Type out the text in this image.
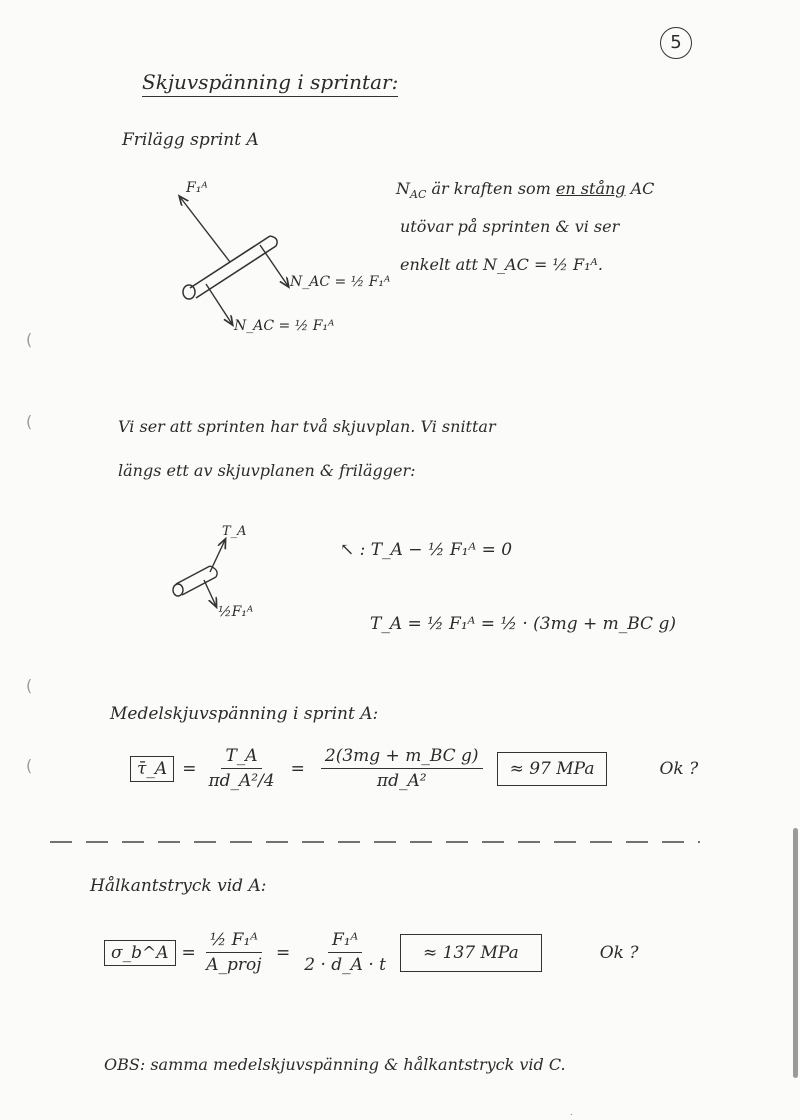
5
Skjuvspänning i sprintar:
Frilägg sprint A
F₁ᴬ
N_AC = ½ F₁ᴬ
N_AC = ½ F₁ᴬ
$N_{AC}$ är kraften som en stång AC
utövar på sprinten & vi ser
enkelt att N_AC = ½ F₁ᴬ.
(
(	Vi ser att sprinten har två skjuvplan. Vi snittar
längs ett av skjuvplanen & frilägger:
T_A
½F₁ᴬ
↖ : T_A − ½ F₁ᴬ = 0
T_A = ½ F₁ᴬ = ½ · (3mg + m_BC g)
(
(
Medelskjuvspänning i sprint A:
τ̄_A = $\frac{T\_A}{\text{πd\_A²/4}} = \frac{\text{2(3mg + m\_BC g)}}{\text{πd\_A²}}$	≈ 97 MPa	Ok ?
Hålkantstryck vid A:
σ_b^A = $\frac{\text{½ F₁ᴬ}}{\text{A\_proj}} = \frac{\text{F₁ᴬ}}{2 \cdot d\_A \cdot t}$	≈ 137 MPa	Ok ?
OBS: samma medelskjuvspänning & hålkantstryck vid C.
.
